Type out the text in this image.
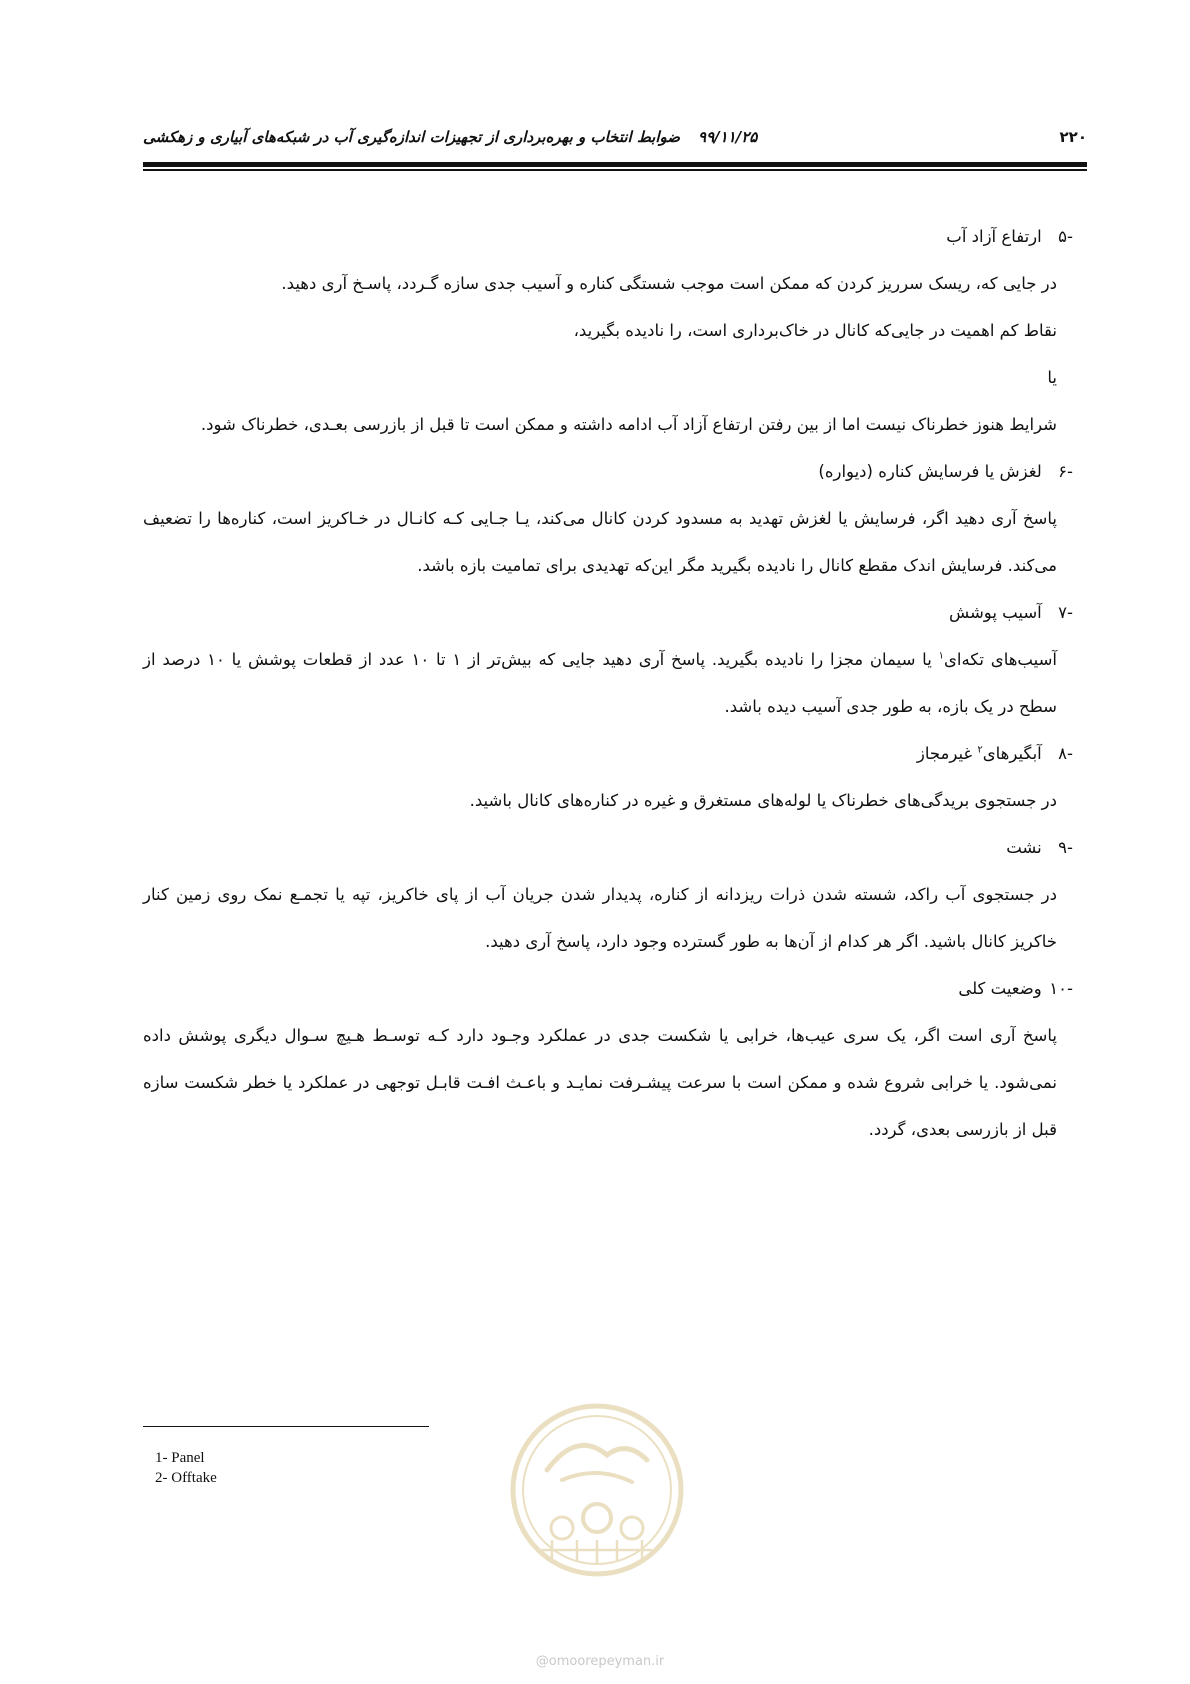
۲۲۰
۹۹/۱۱/۲۵ضوابط انتخاب و بهره‌برداری از تجهیزات اندازه‌گیری آب در شبکه‌های آبیاری و زهکشی

-۵ ارتفاع آزاد آب

در جایی که، ریسک سرریز کردن که ممکن است موجب شستگی کناره و آسیب جدی سازه گـردد، پاسـخ آری دهید.

نقاط کم اهمیت در جایی‌که کانال در خاک‌برداری است، را نادیده بگیرید،

یا

شرایط هنوز خطرناک نیست اما از بین رفتن ارتفاع آزاد آب ادامه داشته و ممکن است تا قبل از بازرسی بعـدی، خطرناک شود.

-۶ لغزش یا فرسایش کناره (دیواره)

پاسخ آری دهید اگر، فرسایش یا لغزش تهدید به مسدود کردن کانال می‌کند، یـا جـایی کـه کانـال در خـاکریز است، کناره‌ها را تضعیف می‌کند. فرسایش اندک مقطع کانال را نادیده بگیرید مگر این‌که تهدیدی برای تمامیت بازه باشد.

-۷ آسیب پوشش

آسیب‌های تکه‌ای$^۱$ یا سیمان مجزا را نادیده بگیرید. پاسخ آری دهید جایی که بیش‌تر از ۱ تا ۱۰ عدد از قطعات پوشش یا ۱۰ درصد از سطح در یک بازه، به طور جدی آسیب دیده باشد.

-۸ آبگیرهای$^۲$ غیرمجاز

در جستجوی بریدگی‌های خطرناک یا لوله‌های مستغرق و غیره در کناره‌های کانال باشید.

-۹ نشت

در جستجوی آب راکد، شسته شدن ذرات ریزدانه از کناره، پدیدار شدن جریان آب از پای خاکریز، تپه یا تجمـع نمک روی زمین کنار خاکریز کانال باشید. اگر هر کدام از آن‌ها به طور گسترده وجود دارد، پاسخ آری دهید.

-۱۰ وضعیت کلی

پاسخ آری است اگر، یک سری عیب‌ها، خرابی یا شکست جدی در عملکرد وجـود دارد کـه توسـط هـیچ سـوال دیگری پوشش داده نمی‌شود. یا خرابی شروع شده و ممکن است با سرعت پیشـرفت نمایـد و باعـث افـت قابـل توجهی در عملکرد یا خطر شکست سازه قبل از بازرسی بعدی، گردد.

1- Panel
2- Offtake
@omoorepeyman.ir
